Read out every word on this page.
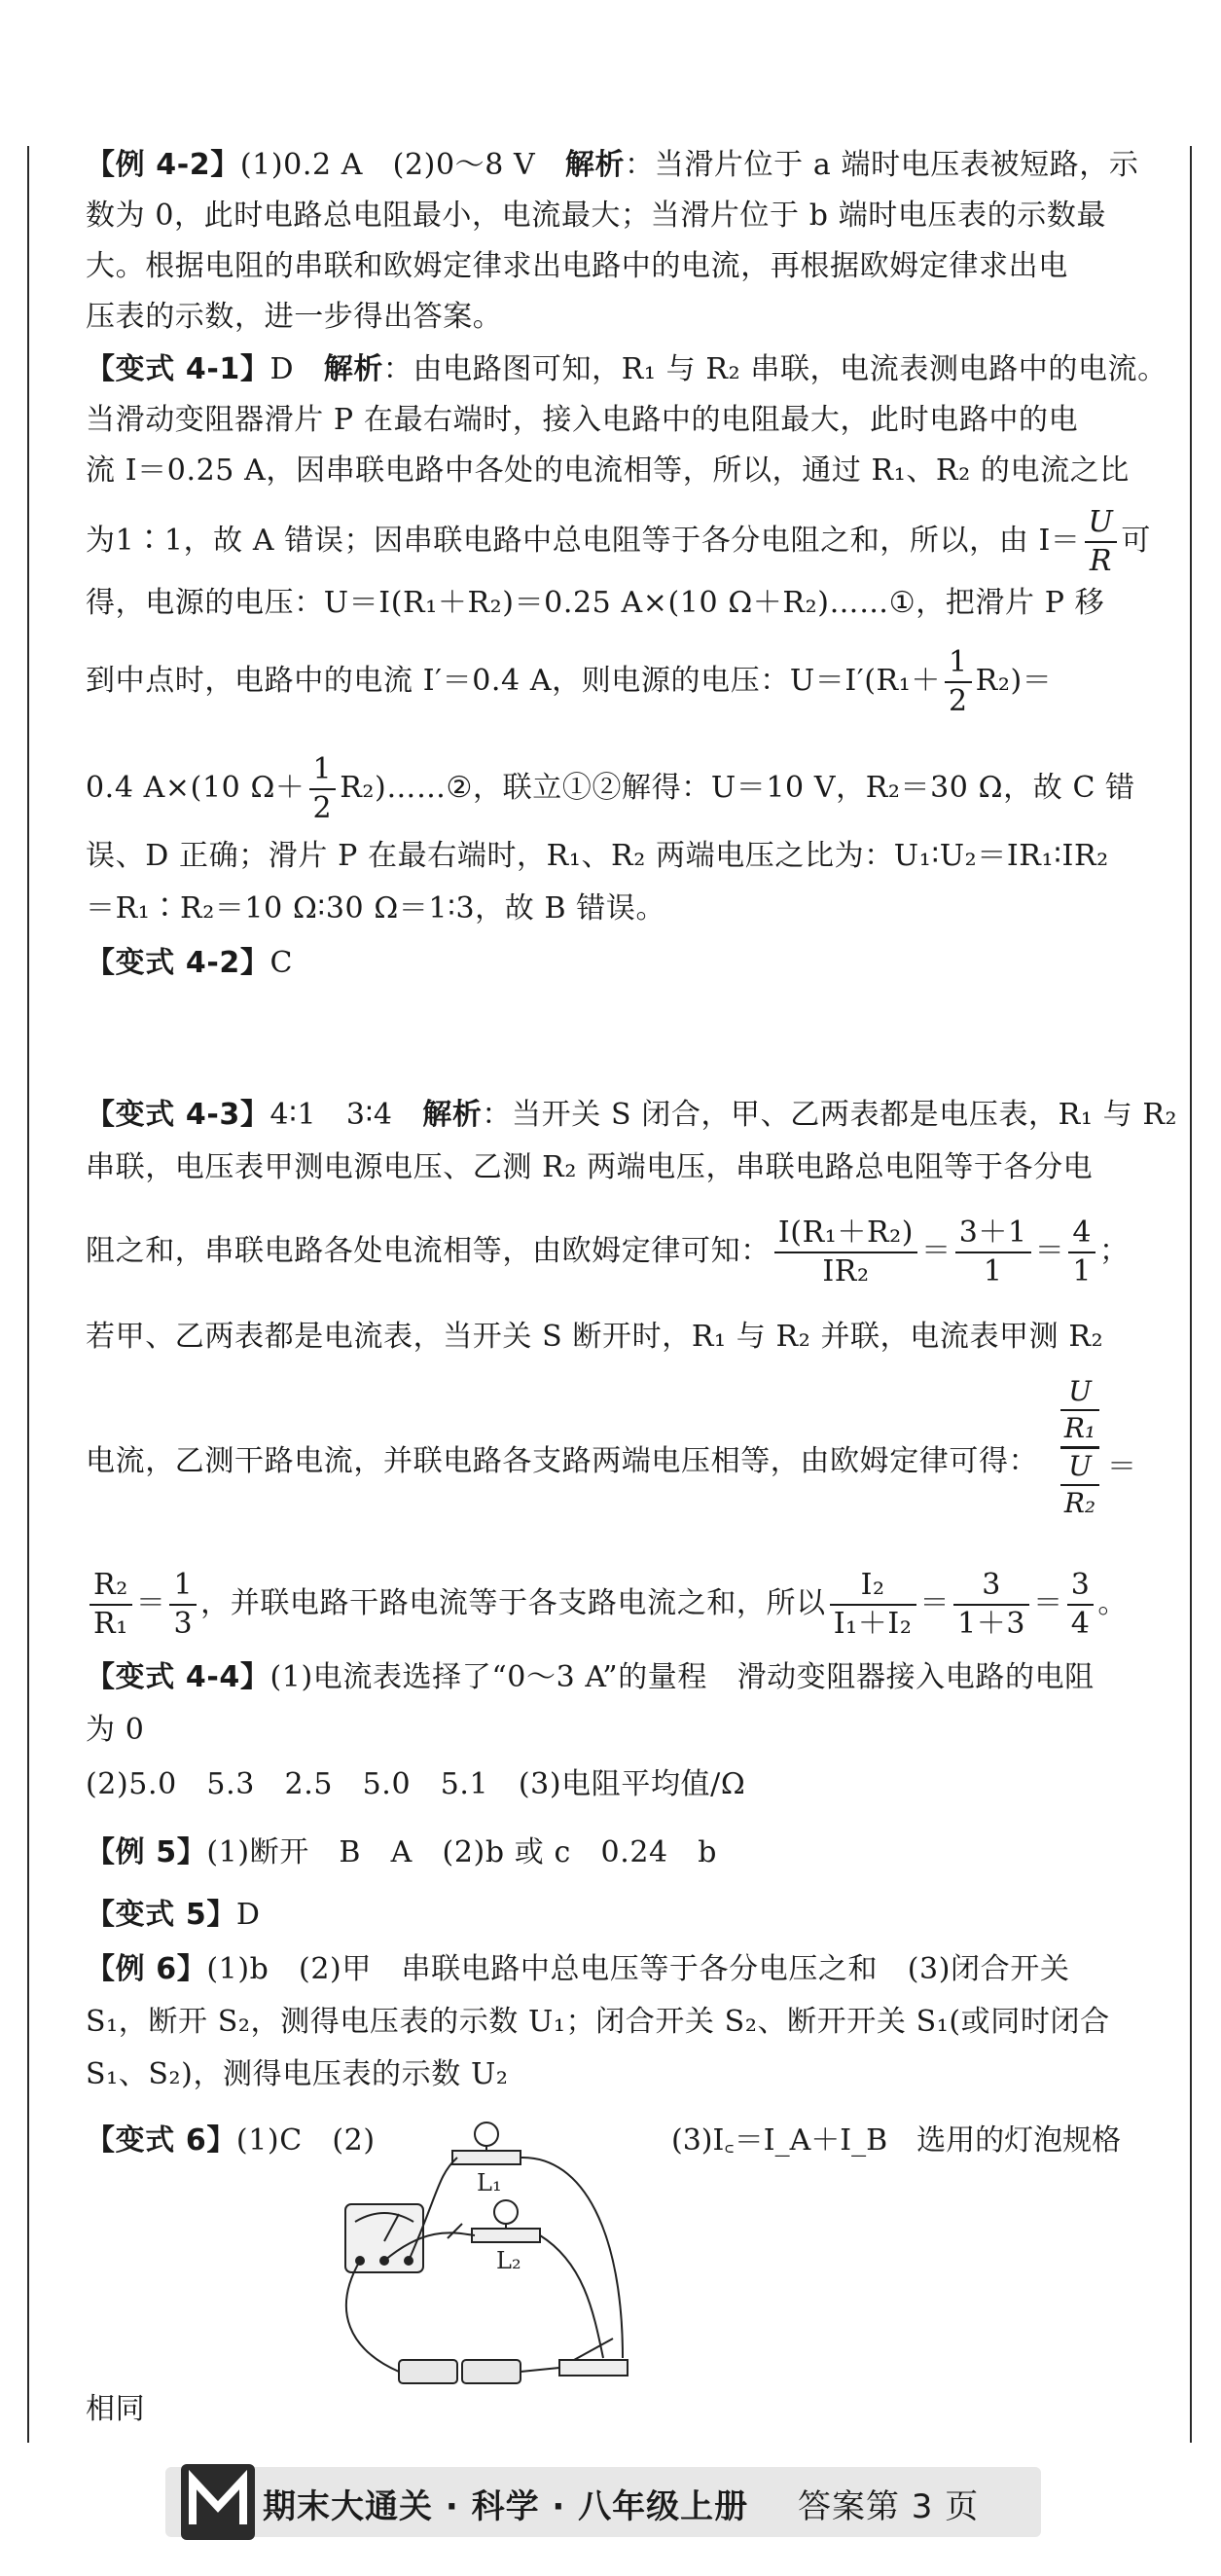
【例 4-2】(1)0.2 A　(2)0～8 V　解析：当滑片位于 a 端时电压表被短路，示
数为 0，此时电路总电阻最小，电流最大；当滑片位于 b 端时电压表的示数最
大。根据电阻的串联和欧姆定律求出电路中的电流，再根据欧姆定律求出电
压表的示数，进一步得出答案。
【变式 4-1】D　解析：由电路图可知，R₁ 与 R₂ 串联，电流表测电路中的电流。
当滑动变阻器滑片 P 在最右端时，接入电路中的电阻最大，此时电路中的电
流 I＝0.25 A，因串联电路中各处的电流相等，所以，通过 R₁、R₂ 的电流之比
为1∶1，故 A 错误；因串联电路中总电阻等于各分电阻之和，所以，由 $I= \frac{U}{R}$ 可
得，电源的电压：U＝I(R₁＋R₂)＝0.25 A×(10 Ω＋R₂)……①，把滑片 P 移
到中点时，电路中的电流 I′＝0.4 A，则电源的电压：$U=I'(R_1+ \frac{1}{2} R_2)=$
0.4 A×(10 $\Omega+ \frac{1}{2}$ R₂)……②，联立①②解得：U＝10 V，R₂＝30 Ω，故 C 错
误、D 正确；滑片 P 在最右端时，R₁、R₂ 两端电压之比为：U₁∶U₂＝IR₁∶IR₂
＝R₁∶R₂＝10 Ω∶30 Ω＝1∶3，故 B 错误。
【变式 4-2】C
【变式 4-3】4∶1　3∶4　解析：当开关 S 闭合，甲、乙两表都是电压表，R₁ 与 R₂
串联，电压表甲测电源电压、乙测 R₂ 两端电压，串联电路总电阻等于各分电
阻之和，串联电路各处电流相等，由欧姆定律可知： $\frac{\text{I(R₁＋R₂)}}{\text{IR₂}} = \frac{3+1}{1} = \frac{4}{1}$ ；
若甲、乙两表都是电流表，当开关 S 断开时，R₁ 与 R₂ 并联，电流表甲测 R₂
电流，乙测干路电流，并联电路各支路两端电压相等，由欧姆定律可得：
U
R₁
U
R₂
＝
$\frac{\text{R₂}}{\text{R₁}} = \frac{1}{3}$ ，并联电路干路电流等于各支路电流之和，所以 $\frac{\text{I₂}}{\text{I₁＋I₂}} = \frac{3}{1+3} = \frac{3}{4}$ 。
【变式 4-4】(1)电流表选择了“0～3 A”的量程　滑动变阻器接入电路的电阻
为 0
(2)5.0　5.3　2.5　5.0　5.1　(3)电阻平均值/Ω
【例 5】(1)断开　B　A　(2)b 或 c　0.24　b
【变式 5】D
【例 6】(1)b　(2)甲　串联电路中总电压等于各分电压之和　(3)闭合开关
S₁，断开 S₂，测得电压表的示数 U₁；闭合开关 S₂、断开开关 S₁(或同时闭合
S₁、S₂)，测得电压表的示数 U₂
【变式 6】(1)C　(2)	(3)I꜀＝I_A＋I_B　选用的灯泡规格
L₁
L₂
相同
期末大通关 · 科学 · 八年级上册 答案第 3 页
